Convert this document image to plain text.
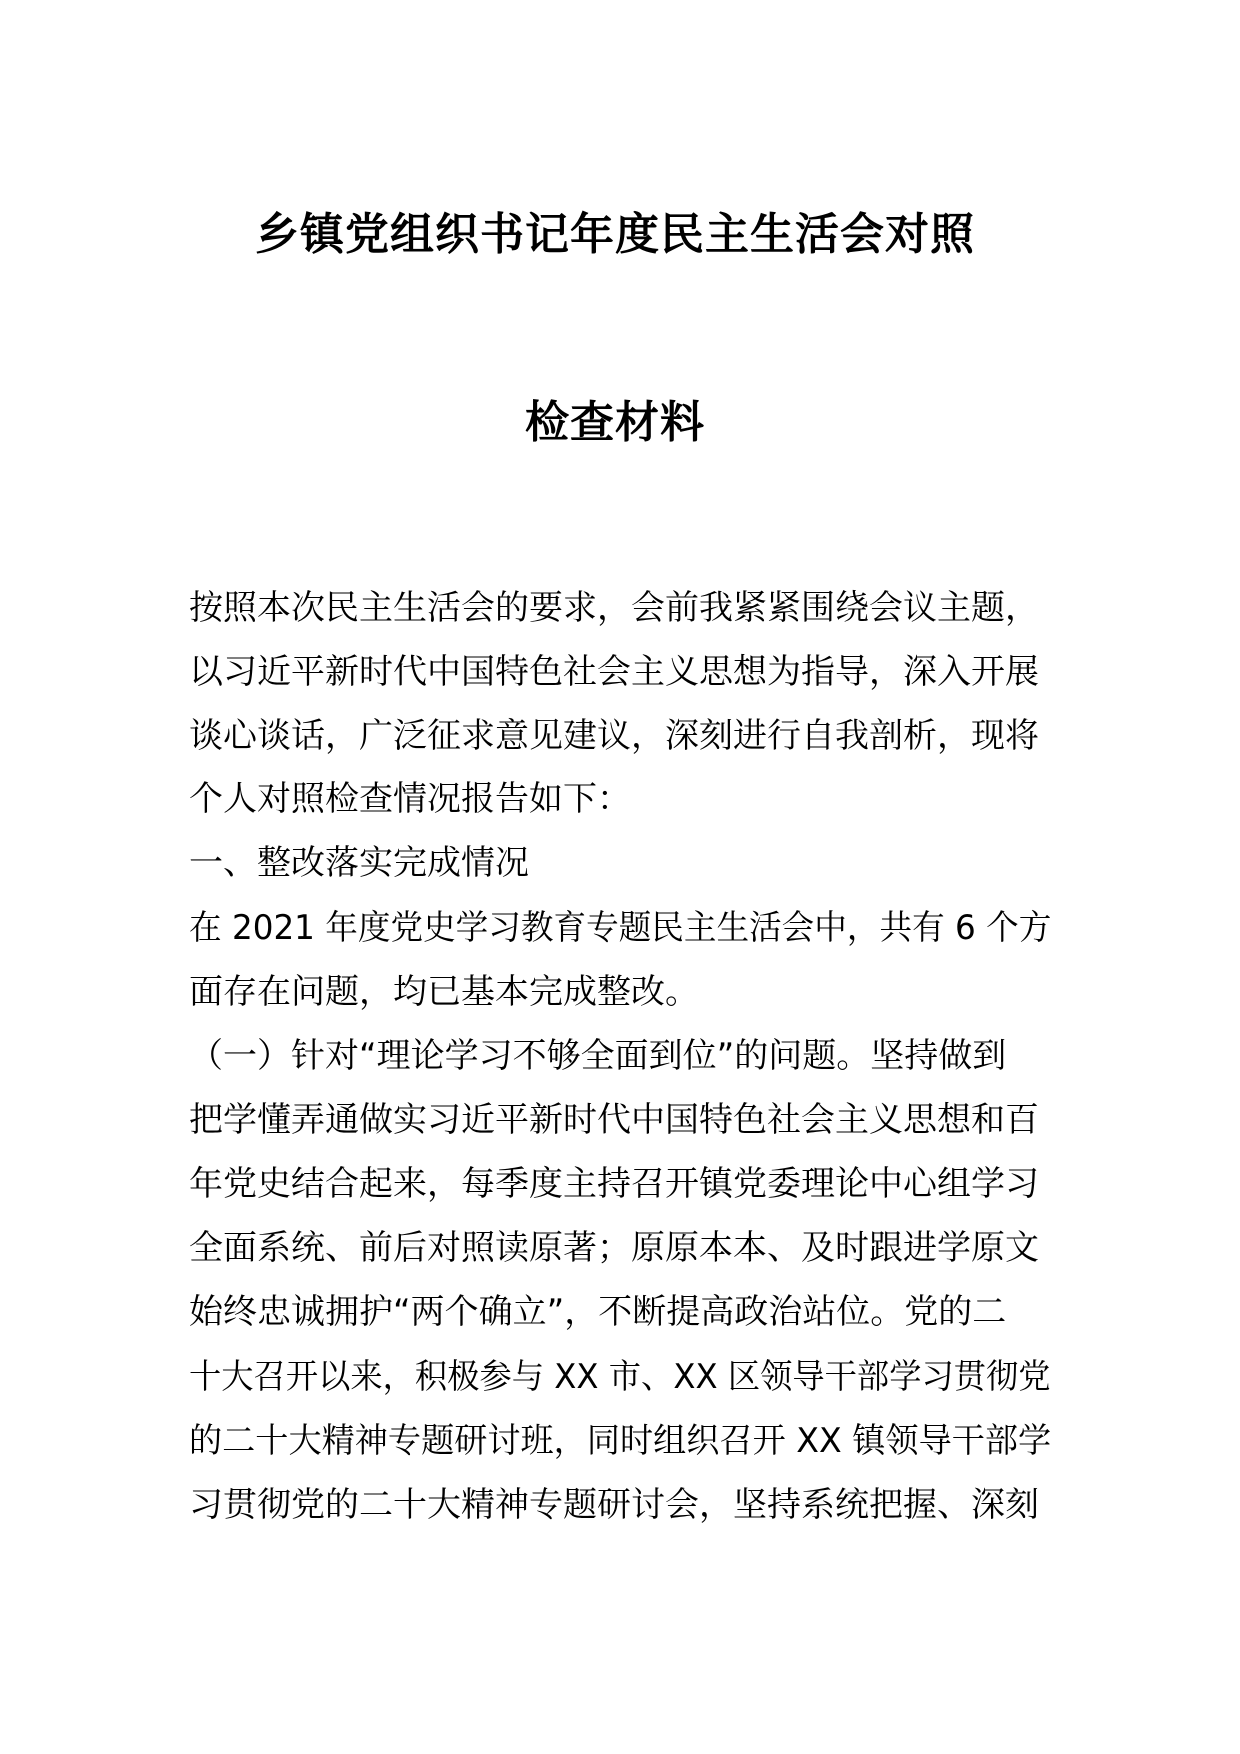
乡镇党组织书记年度民主生活会对照
检查材料
按照本次民主生活会的要求，会前我紧紧围绕会议主题，
以习近平新时代中国特色社会主义思想为指导，深入开展
谈心谈话，广泛征求意见建议，深刻进行自我剖析，现将
个人对照检查情况报告如下：
一、整改落实完成情况
在 2021 年度党史学习教育专题民主生活会中，共有 6 个方
面存在问题，均已基本完成整改。
（一）针对“理论学习不够全面到位”的问题。坚持做到
把学懂弄通做实习近平新时代中国特色社会主义思想和百
年党史结合起来，每季度主持召开镇党委理论中心组学习
全面系统、前后对照读原著；原原本本、及时跟进学原文
始终忠诚拥护“两个确立”，不断提高政治站位。党的二
十大召开以来，积极参与 XX 市、XX 区领导干部学习贯彻党
的二十大精神专题研讨班，同时组织召开 XX 镇领导干部学
习贯彻党的二十大精神专题研讨会，坚持系统把握、深刻
